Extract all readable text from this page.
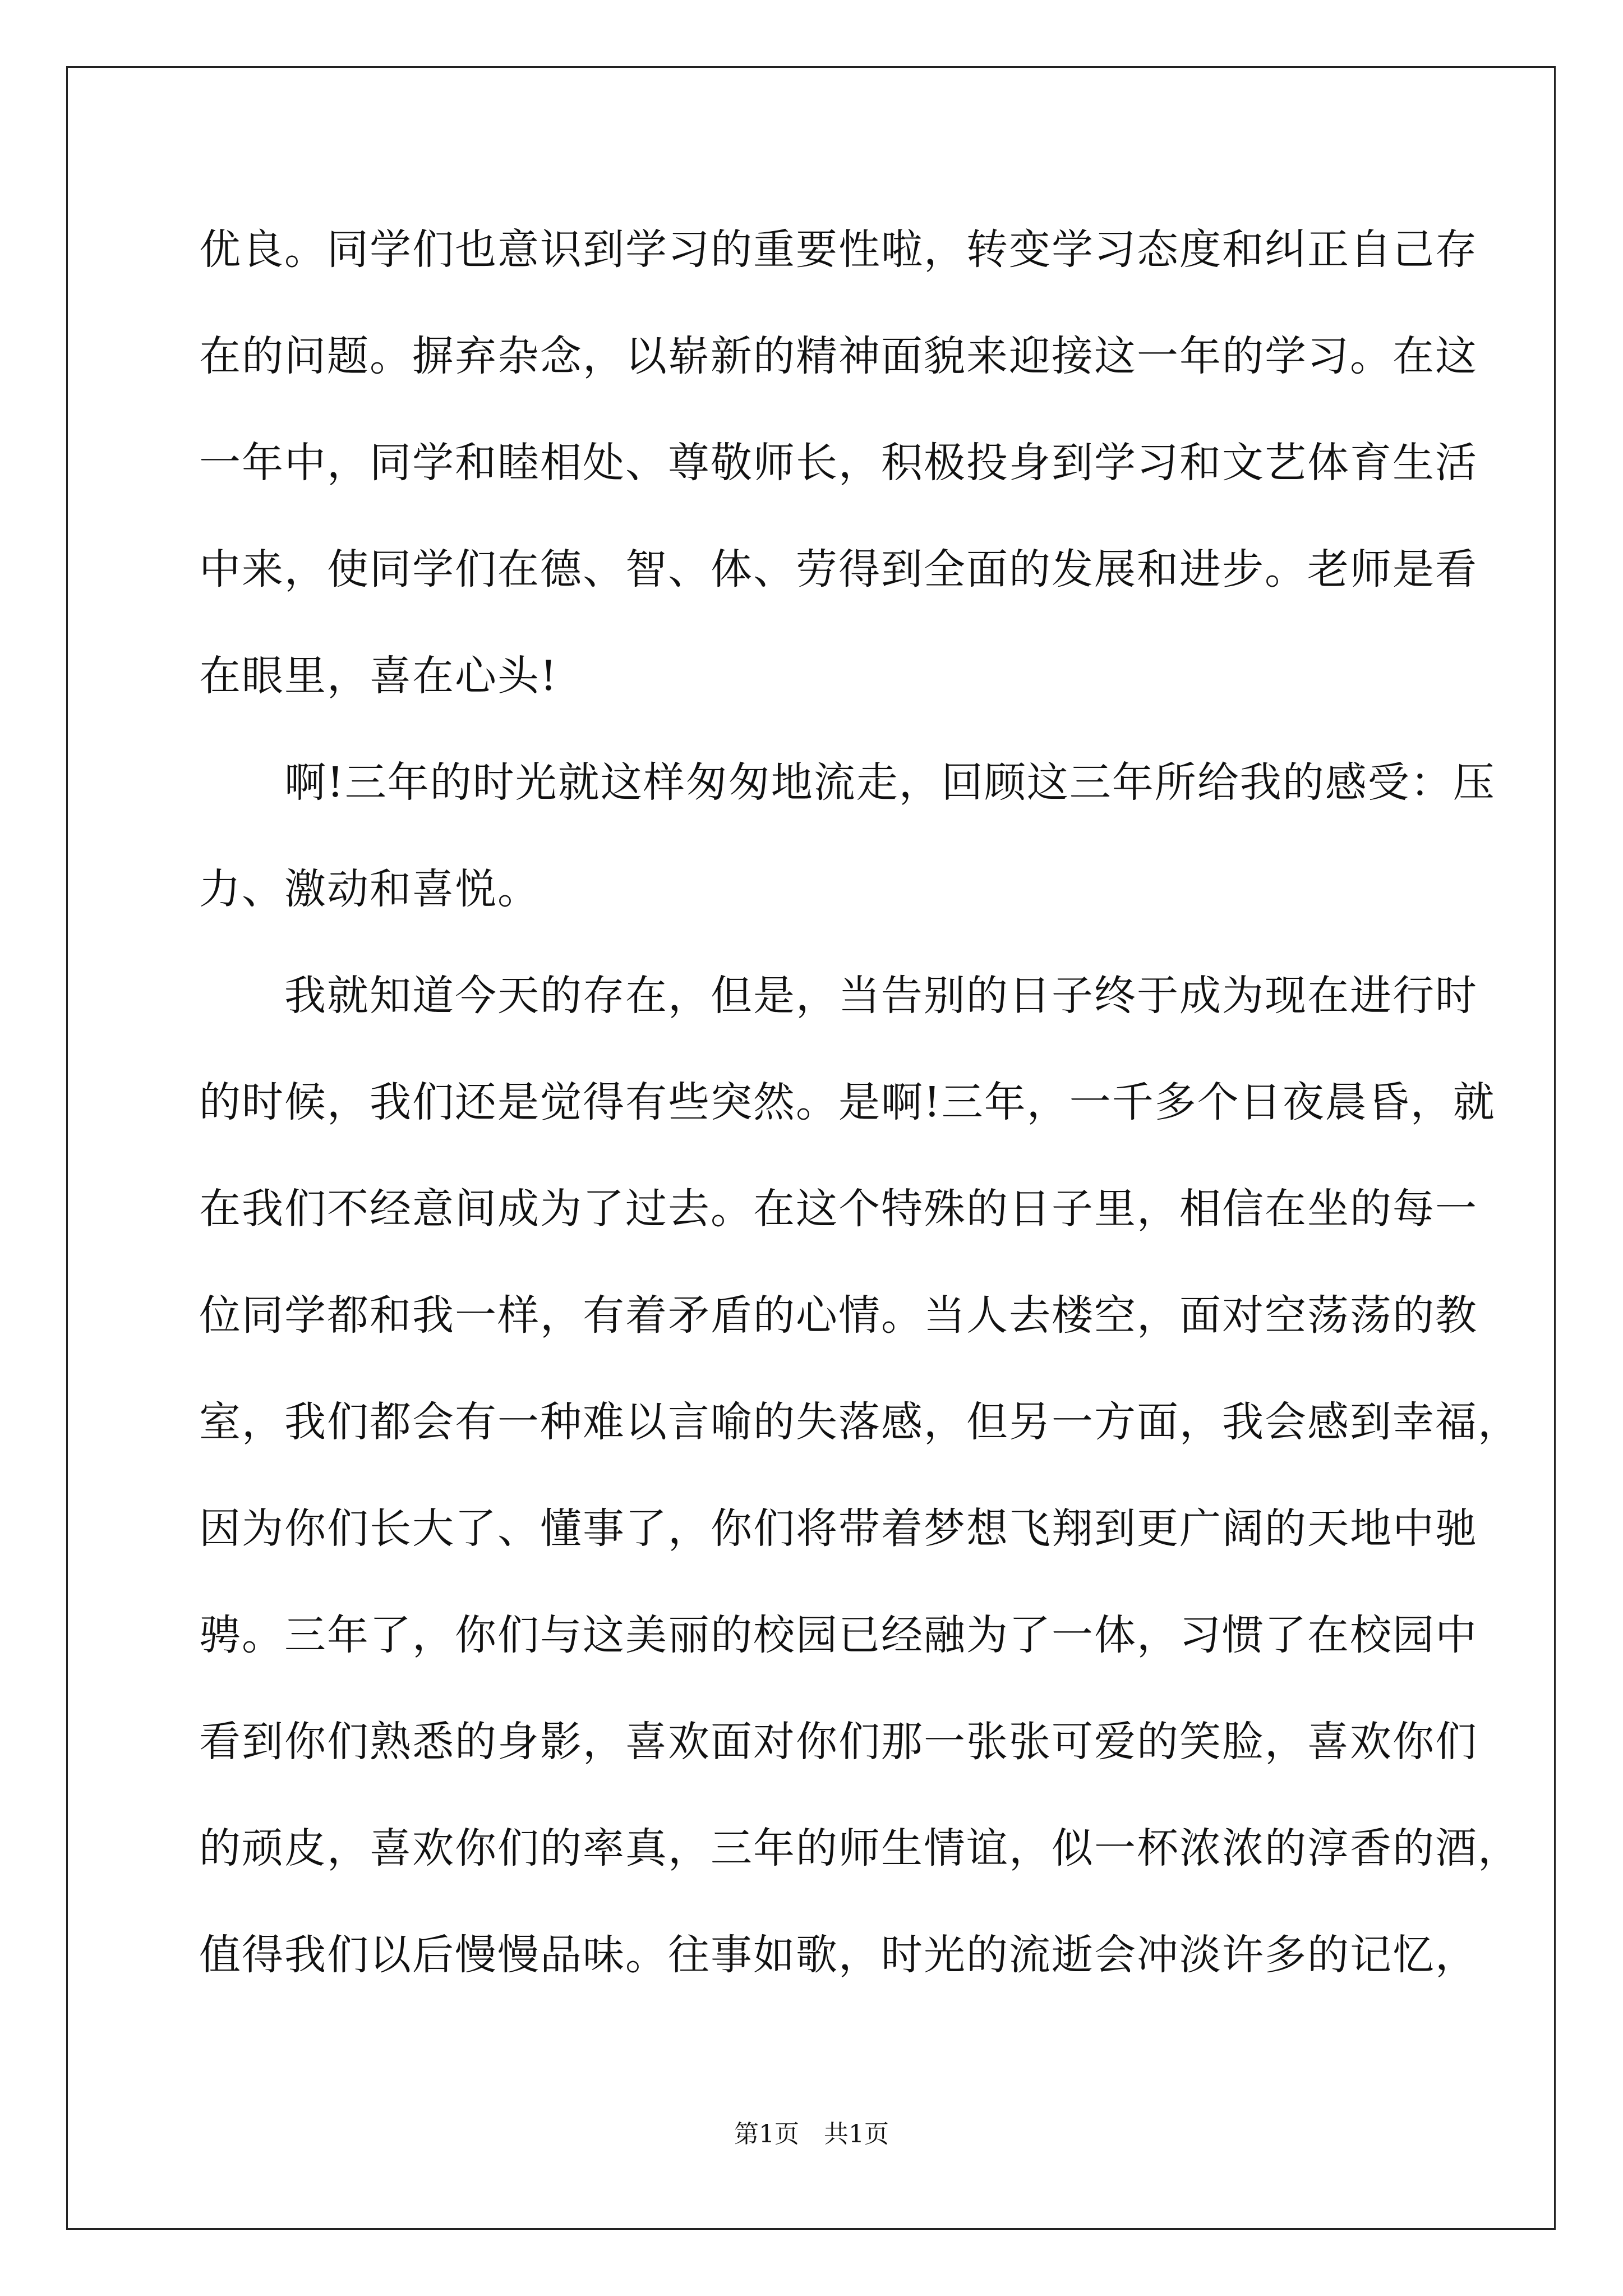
优良。同学们也意识到学习的重要性啦，转变学习态度和纠正自己存
在的问题。摒弃杂念，以崭新的精神面貌来迎接这一年的学习。在这
一年中，同学和睦相处、尊敬师长，积极投身到学习和文艺体育生活
中来，使同学们在德、智、体、劳得到全面的发展和进步。老师是看
在眼里，喜在心头!
　　啊!三年的时光就这样匆匆地流走，回顾这三年所给我的感受：压
力、激动和喜悦。
　　我就知道今天的存在，但是，当告别的日子终于成为现在进行时
的时候，我们还是觉得有些突然。是啊!三年，一千多个日夜晨昏，就
在我们不经意间成为了过去。在这个特殊的日子里，相信在坐的每一
位同学都和我一样，有着矛盾的心情。当人去楼空，面对空荡荡的教
室，我们都会有一种难以言喻的失落感，但另一方面，我会感到幸福，
因为你们长大了、懂事了，你们将带着梦想飞翔到更广阔的天地中驰
骋。三年了，你们与这美丽的校园已经融为了一体，习惯了在校园中
看到你们熟悉的身影，喜欢面对你们那一张张可爱的笑脸，喜欢你们
的顽皮，喜欢你们的率真，三年的师生情谊，似一杯浓浓的淳香的酒，
值得我们以后慢慢品味。往事如歌，时光的流逝会冲淡许多的记忆，
第1页　共1页
